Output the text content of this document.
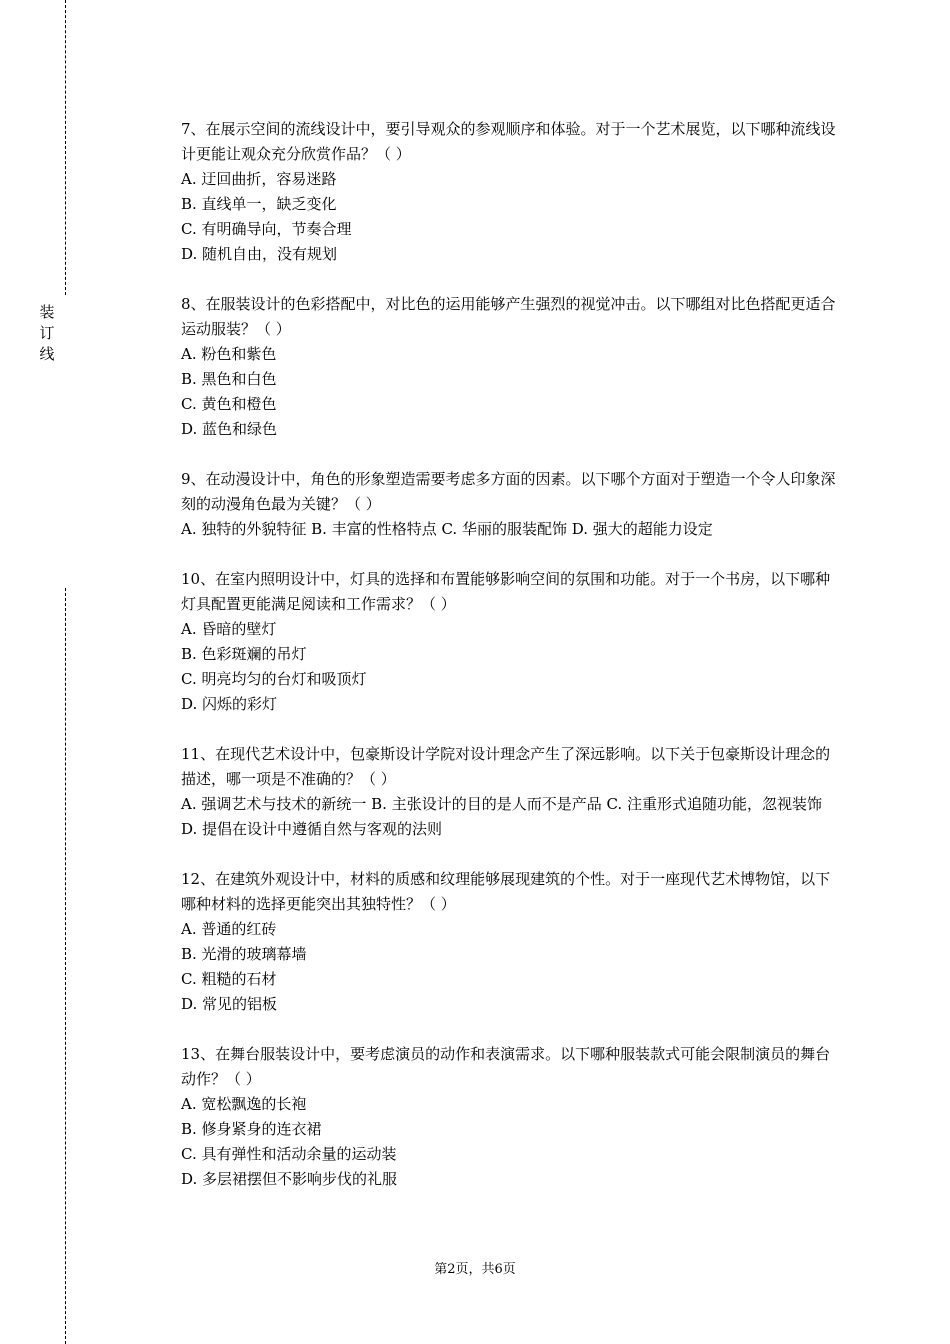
装
订
线

7、在展示空间的流线设计中，要引导观众的参观顺序和体验。对于一个艺术展览，以下哪种流线设计更能让观众充分欣赏作品？（ ）

A. 迂回曲折，容易迷路

B. 直线单一，缺乏变化

C. 有明确导向，节奏合理

D. 随机自由，没有规划

8、在服装设计的色彩搭配中，对比色的运用能够产生强烈的视觉冲击。以下哪组对比色搭配更适合运动服装？（ ）

A. 粉色和紫色

B. 黑色和白色

C. 黄色和橙色

D. 蓝色和绿色

9、在动漫设计中，角色的形象塑造需要考虑多方面的因素。以下哪个方面对于塑造一个令人印象深刻的动漫角色最为关键？（ ）

A. 独特的外貌特征 B. 丰富的性格特点 C. 华丽的服装配饰 D. 强大的超能力设定

10、在室内照明设计中，灯具的选择和布置能够影响空间的氛围和功能。对于一个书房，以下哪种灯具配置更能满足阅读和工作需求？（ ）

A. 昏暗的壁灯

B. 色彩斑斓的吊灯

C. 明亮均匀的台灯和吸顶灯

D. 闪烁的彩灯

11、在现代艺术设计中，包豪斯设计学院对设计理念产生了深远影响。以下关于包豪斯设计理念的描述，哪一项是不准确的？（ ）

A. 强调艺术与技术的新统一 B. 主张设计的目的是人而不是产品 C. 注重形式追随功能，忽视装饰 D. 提倡在设计中遵循自然与客观的法则

12、在建筑外观设计中，材料的质感和纹理能够展现建筑的个性。对于一座现代艺术博物馆，以下哪种材料的选择更能突出其独特性？（ ）

A. 普通的红砖

B. 光滑的玻璃幕墙

C. 粗糙的石材

D. 常见的铝板

13、在舞台服装设计中，要考虑演员的动作和表演需求。以下哪种服装款式可能会限制演员的舞台动作？（ ）

A. 宽松飘逸的长袍

B. 修身紧身的连衣裙

C. 具有弹性和活动余量的运动装

D. 多层裙摆但不影响步伐的礼服

第2页，共6页
